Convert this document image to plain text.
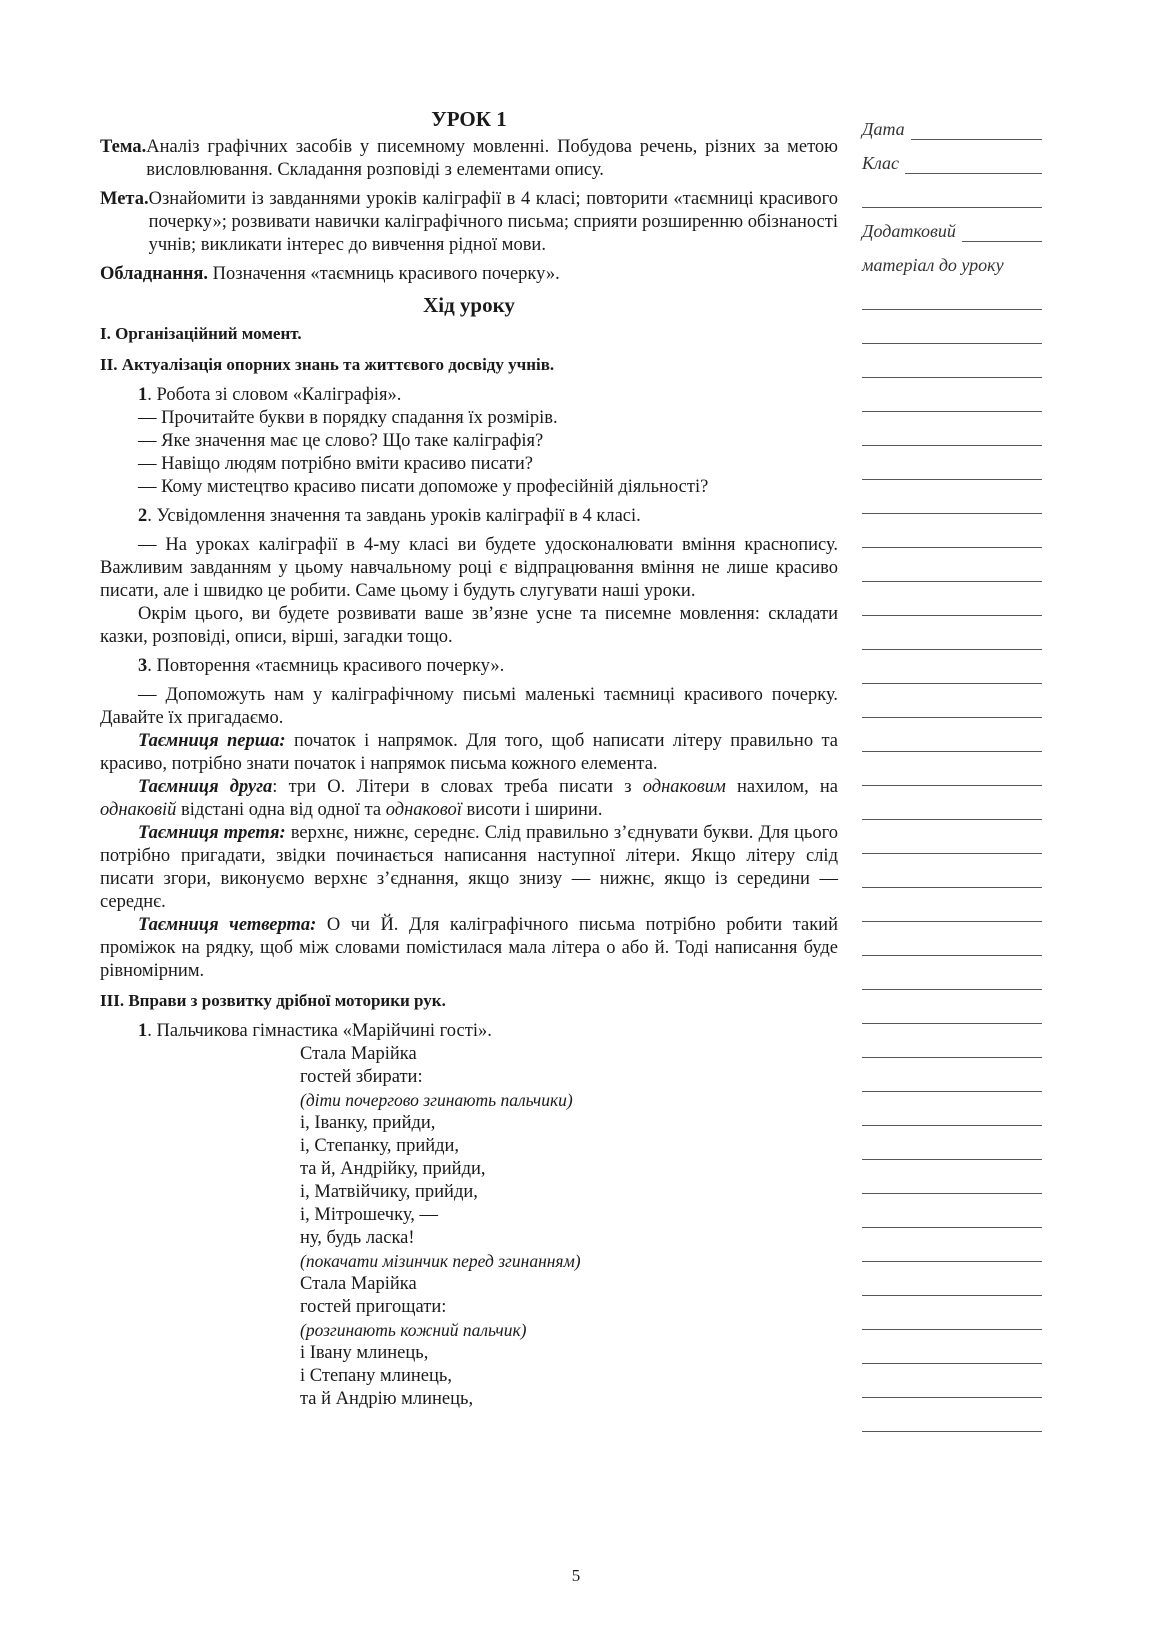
УРОК 1

Тема. Аналіз графічних засобів у писемному мовленні. Побудова речень, різних за метою висловлювання. Складання розповіді з елементами опису.
Мета. Ознайомити із завданнями уроків каліграфії в 4 класі; повторити «таємниці красивого почерку»; розвивати навички каліграфічного письма; сприяти розширенню обізнаності учнів; викликати інтерес до вивчення рідної мови.

Обладнання. Позначення «таємниць красивого почерку».

Хід уроку

І. Організаційний момент.

ІІ. Актуалізація опорних знань та життєвого досвіду учнів.

1. Робота зі словом «Каліграфія».

— Прочитайте букви в порядку спадання їх розмірів.

— Яке значення має це слово? Що таке каліграфія?

— Навіщо людям потрібно вміти красиво писати?

— Кому мистецтво красиво писати допоможе у професійній діяльності?

2. Усвідомлення значення та завдань уроків каліграфії в 4 класі.

— На уроках каліграфії в 4-му класі ви будете удосконалювати вміння краснопису. Важливим завданням у цьому навчальному році є відпрацювання вміння не лише красиво писати, але і швидко це робити. Саме цьому і будуть слугувати наші уроки.

Окрім цього, ви будете розвивати ваше зв’язне усне та писемне мовлення: складати казки, розповіді, описи, вірші, загадки тощо.

3. Повторення «таємниць красивого почерку».

— Допоможуть нам у каліграфічному письмі маленькі таємниці красивого почерку. Давайте їх пригадаємо.

Таємниця перша: початок і напрямок. Для того, щоб написати літеру правильно та красиво, потрібно знати початок і напрямок письма кожного елемента.

Таємниця друга: три О. Літери в словах треба писати з однаковим нахилом, на однаковій відстані одна від одної та однакової висоти і ширини.

Таємниця третя: верхнє, нижнє, середнє. Слід правильно з’єднувати букви. Для цього потрібно пригадати, звідки починається написання наступної літери. Якщо літеру слід писати згори, виконуємо верхнє з’єднання, якщо знизу — нижнє, якщо із середини — середнє.

Таємниця четверта: О чи Й. Для каліграфічного письма потрібно робити такий проміжок на рядку, щоб між словами помістилася мала літера о або й. Тоді написання буде рівномірним.

ІІІ. Вправи з розвитку дрібної моторики рук.

1. Пальчикова гімнастика «Марійчині гості».

Стала Марійка

гостей збирати:

(діти почергово згинають пальчики)

і, Іванку, прийди,

і, Степанку, прийди,

та й, Андрійку, прийди,

і, Матвійчику, прийди,

і, Мітрошечку, —

ну, будь ласка!

(покачати мізинчик перед згинанням)

Стала Марійка

гостей пригощати:

(розгинають кожний пальчик)

і Івану млинець,

і Степану млинець,

та й Андрію млинець,

Дата
Клас
Додатковий
матеріал до уроку
5
